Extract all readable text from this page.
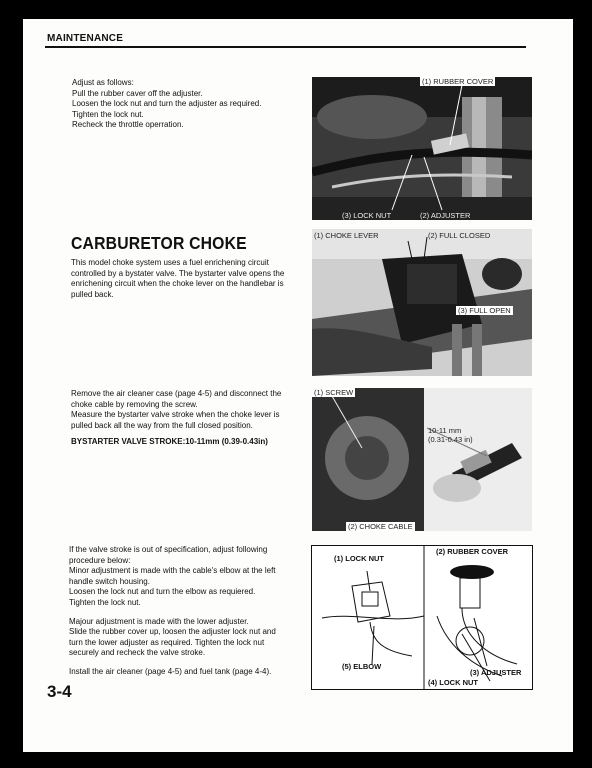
MAINTENANCE
Adjust as follows:
Pull the rubber caver off the adjuster.
Loosen the lock nut and turn the adjuster as required.
Tighten the lock nut.
Recheck the throttle operration.
(1) RUBBER COVER
(3) LOCK NUT	(2) ADJUSTER
CARBURETOR CHOKE
This model choke system uses a fuel enrichening circuit
controlled by a bystater valve. The bystarter valve opens the
enrichening circuit when the choke lever on the handlebar is
pulled back.
(1) CHOKE LEVER	(2) FULL CLOSED
(3) FULL OPEN
Remove the air cleaner case (page 4-5) and disconnect the
choke cable by removing the screw.
Measure the bystarter valve stroke when the choke lever is
pulled back all the way from the full closed position.
BYSTARTER VALVE STROKE:10-11mm (0.39-0.43in)
(1) SCREW
(2) CHOKE CABLE
10-11 mm
(0.31-0.43 in)
If the valve stroke is out of specification, adjust following
procedure below:
Minor adjustment is made with the cable's elbow at the left
handle switch housing.
Loosen the lock nut and turn the elbow as requiered.
Tighten the lock nut.
Majour adjustment is made with the lower adjuster.
Slide the rubber cover up, loosen the adjuster lock nut and
turn the lower adjuster as required. Tighten the lock nut
securely and recheck the valve stroke.
Install the air cleaner (page 4-5) and fuel tank (page 4-4).
(1) LOCK NUT
(5) ELBOW
(2) RUBBER COVER
(3) ADJUSTER
(4) LOCK NUT
3-4
